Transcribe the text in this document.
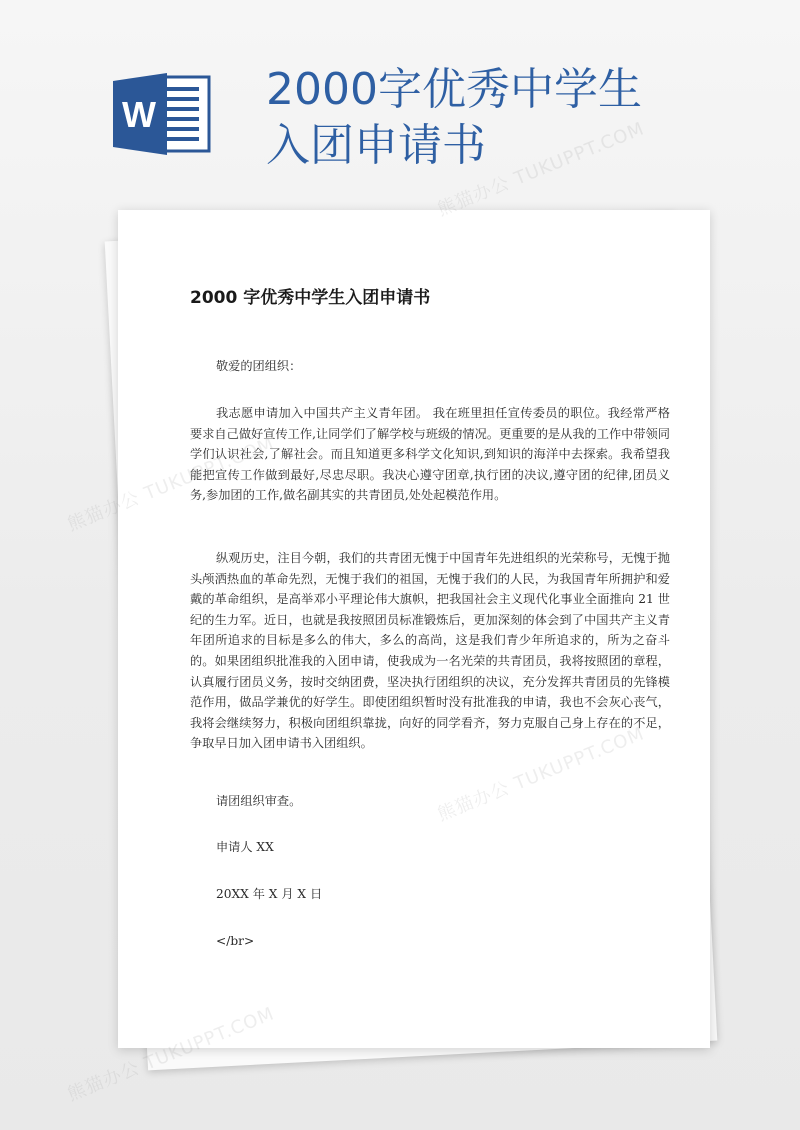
W	2000字优秀中学生
入团申请书
2000 字优秀中学生入团申请书

敬爱的团组织：

我志愿申请加入中国共产主义青年团。 我在班里担任宣传委员的职位。我经常严格要求自己做好宣传工作,让同学们了解学校与班级的情况。更重要的是从我的工作中带领同学们认识社会,了解社会。而且知道更多科学文化知识,到知识的海洋中去探索。我希望我能把宣传工作做到最好,尽忠尽职。我决心遵守团章,执行团的决议,遵守团的纪律,团员义务,参加团的工作,做名副其实的共青团员,处处起模范作用。

纵观历史，注目今朝，我们的共青团无愧于中国青年先进组织的光荣称号，无愧于抛头颅洒热血的革命先烈，无愧于我们的祖国，无愧于我们的人民，为我国青年所拥护和爱戴的革命组织，是高举邓小平理论伟大旗帜，把我国社会主义现代化事业全面推向 21 世纪的生力军。近日，也就是我按照团员标准锻炼后，更加深刻的体会到了中国共产主义青年团所追求的目标是多么的伟大，多么的高尚，这是我们青少年所追求的，所为之奋斗的。如果团组织批准我的入团申请，使我成为一名光荣的共青团员，我将按照团的章程，认真履行团员义务，按时交纳团费，坚决执行团组织的决议，充分发挥共青团员的先锋模范作用，做品学兼优的好学生。即使团组织暂时没有批准我的申请，我也不会灰心丧气，我将会继续努力，积极向团组织靠拢，向好的同学看齐，努力克服自己身上存在的不足，争取早日加入团申请书入团组织。

请团组织审查。

申请人 XX

20XX 年 X 月 X 日

</br>

熊猫办公 TUKUPPT.COM
熊猫办公
熊猫办公
